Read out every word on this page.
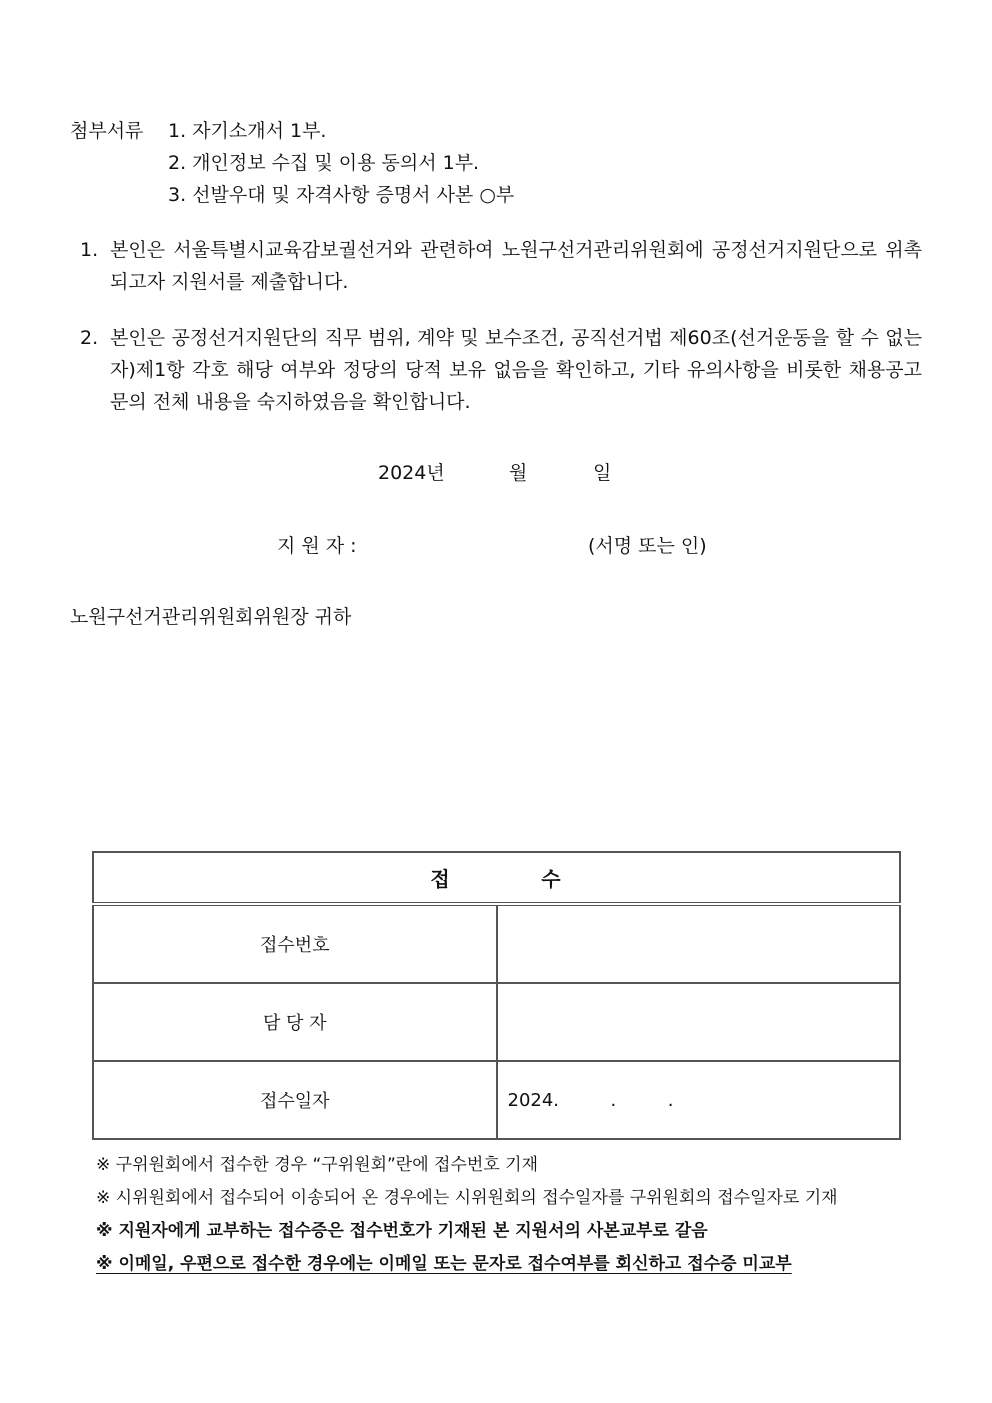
첨부서류 1. 자기소개서 1부.
2. 개인정보 수집 및 이용 동의서 1부.
3. 선발우대 및 자격사항 증명서 사본 ○부
1. 본인은 서울특별시교육감보궐선거와 관련하여 노원구선거관리위원회에 공정선거지원단으로 위촉되고자 지원서를 제출합니다.
2. 본인은 공정선거지원단의 직무 범위, 계약 및 보수조건, 공직선거법 제60조(선거운동을 할 수 없는 자)제1항 각호 해당 여부와 정당의 당적 보유 없음을 확인하고, 기타 유의사항을 비롯한 채용공고문의 전체 내용을 숙지하였음을 확인합니다.
2024년	월	일
지 원 자 :	(서명 또는 인)
노원구선거관리위원회위원장 귀하
접          수	
접수번호	
담 당 자	
접수일자	2024.         .         .
※ 구위원회에서 접수한 경우 “구위원회”란에 접수번호 기재
※ 시위원회에서 접수되어 이송되어 온 경우에는 시위원회의 접수일자를 구위원회의 접수일자로 기재
※ 지원자에게 교부하는 접수증은 접수번호가 기재된 본 지원서의 사본교부로 갈음
※ 이메일, 우편으로 접수한 경우에는 이메일 또는 문자로 접수여부를 회신하고 접수증 미교부
